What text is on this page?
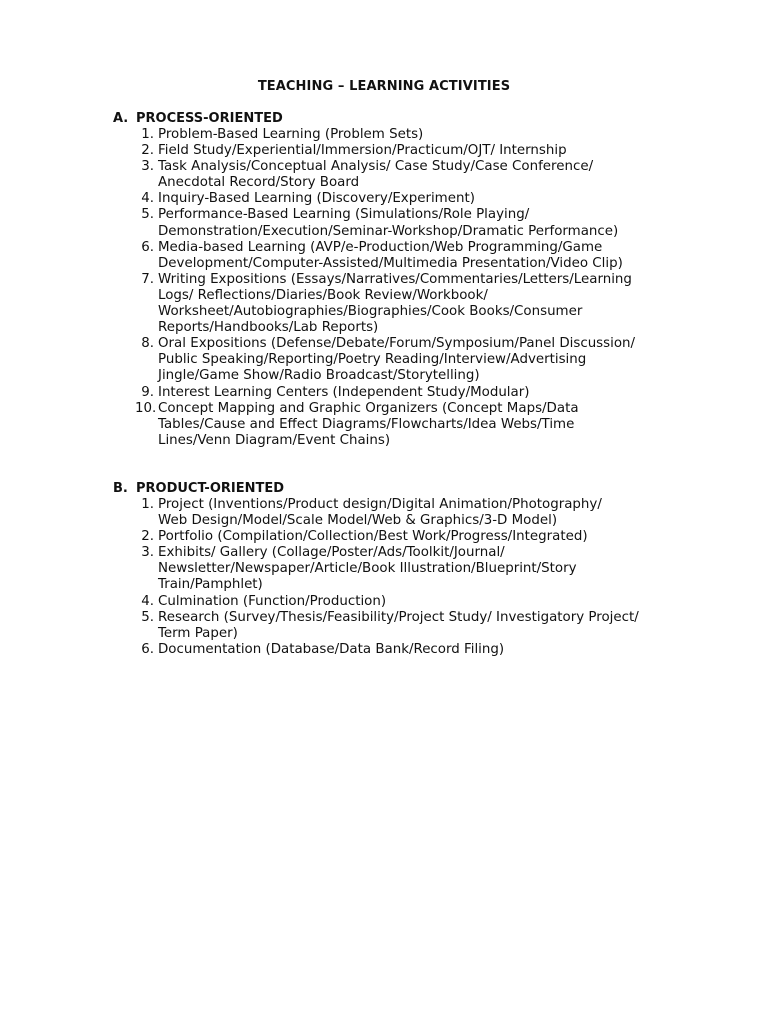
TEACHING – LEARNING ACTIVITIES
A. PROCESS-ORIENTED
1. Problem-Based Learning (Problem Sets)
2. Field Study/Experiential/Immersion/Practicum/OJT/ Internship
3. Task Analysis/Conceptual Analysis/ Case Study/Case Conference/
Anecdotal Record/Story Board
4. Inquiry-Based Learning (Discovery/Experiment)
5. Performance-Based Learning (Simulations/Role Playing/
Demonstration/Execution/Seminar-Workshop/Dramatic Performance)
6. Media-based Learning (AVP/e-Production/Web Programming/Game
Development/Computer-Assisted/Multimedia Presentation/Video Clip)
7. Writing Expositions (Essays/Narratives/Commentaries/Letters/Learning
Logs/ Reflections/Diaries/Book Review/Workbook/
Worksheet/Autobiographies/Biographies/Cook Books/Consumer
Reports/Handbooks/Lab Reports)
8. Oral Expositions (Defense/Debate/Forum/Symposium/Panel Discussion/
Public Speaking/Reporting/Poetry Reading/Interview/Advertising
Jingle/Game Show/Radio Broadcast/Storytelling)
9. Interest Learning Centers (Independent Study/Modular)
10. Concept Mapping and Graphic Organizers (Concept Maps/Data
Tables/Cause and Effect Diagrams/Flowcharts/Idea Webs/Time
Lines/Venn Diagram/Event Chains)
B. PRODUCT-ORIENTED
1. Project (Inventions/Product design/Digital Animation/Photography/
Web Design/Model/Scale Model/Web & Graphics/3-D Model)
2. Portfolio (Compilation/Collection/Best Work/Progress/Integrated)
3. Exhibits/ Gallery (Collage/Poster/Ads/Toolkit/Journal/
Newsletter/Newspaper/Article/Book Illustration/Blueprint/Story
Train/Pamphlet)
4. Culmination (Function/Production)
5. Research (Survey/Thesis/Feasibility/Project Study/ Investigatory Project/
Term Paper)
6. Documentation (Database/Data Bank/Record Filing)
